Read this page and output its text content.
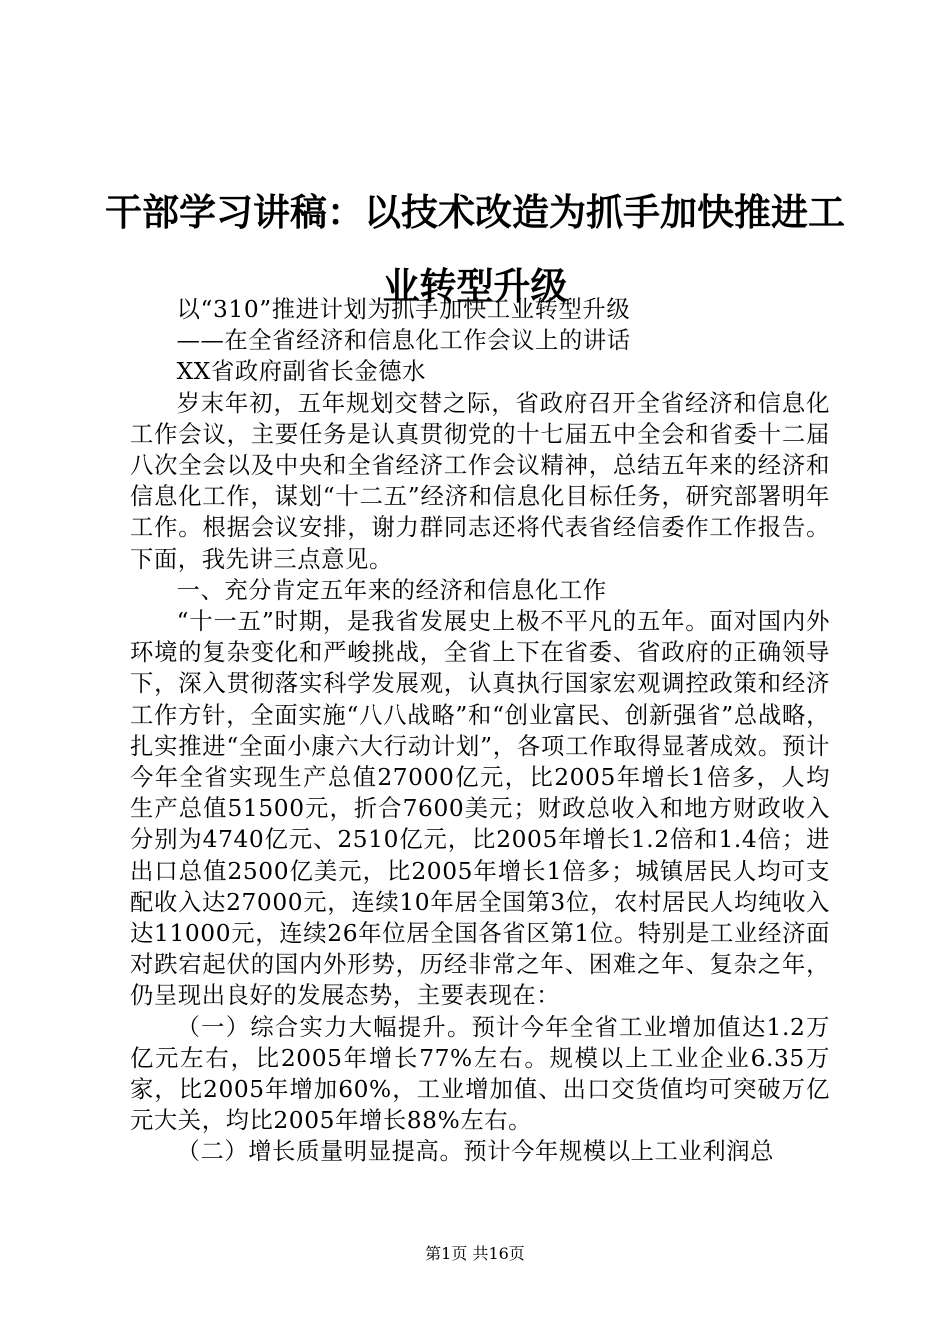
干部学习讲稿：以技术改造为抓手加快推进工业转型升级

以“310”推进计划为抓手加快工业转型升级

——在全省经济和信息化工作会议上的讲话

XX省政府副省长金德水

岁末年初，五年规划交替之际，省政府召开全省经济和信息化工作会议，主要任务是认真贯彻党的十七届五中全会和省委十二届八次全会以及中央和全省经济工作会议精神，总结五年来的经济和信息化工作，谋划“十二五”经济和信息化目标任务，研究部署明年工作。根据会议安排，谢力群同志还将代表省经信委作工作报告。下面，我先讲三点意见。

一、充分肯定五年来的经济和信息化工作

“十一五”时期，是我省发展史上极不平凡的五年。面对国内外环境的复杂变化和严峻挑战，全省上下在省委、省政府的正确领导下，深入贯彻落实科学发展观，认真执行国家宏观调控政策和经济工作方针，全面实施“八八战略”和“创业富民、创新强省”总战略，扎实推进“全面小康六大行动计划”，各项工作取得显著成效。预计今年全省实现生产总值27000亿元，比2005年增长1倍多，人均生产总值51500元，折合7600美元；财政总收入和地方财政收入分别为4740亿元、2510亿元，比2005年增长1.2倍和1.4倍；进出口总值2500亿美元，比2005年增长1倍多；城镇居民人均可支配收入达27000元，连续10年居全国第3位，农村居民人均纯收入达11000元，连续26年位居全国各省区第1位。特别是工业经济面对跌宕起伏的国内外形势，历经非常之年、困难之年、复杂之年，仍呈现出良好的发展态势，主要表现在：

（一）综合实力大幅提升。预计今年全省工业增加值达1.2万亿元左右，比2005年增长77%左右。规模以上工业企业6.35万家，比2005年增加60%，工业增加值、出口交货值均可突破万亿元大关，均比2005年增长88%左右。

（二）增长质量明显提高。预计今年规模以上工业利润总

第1页 共16页
